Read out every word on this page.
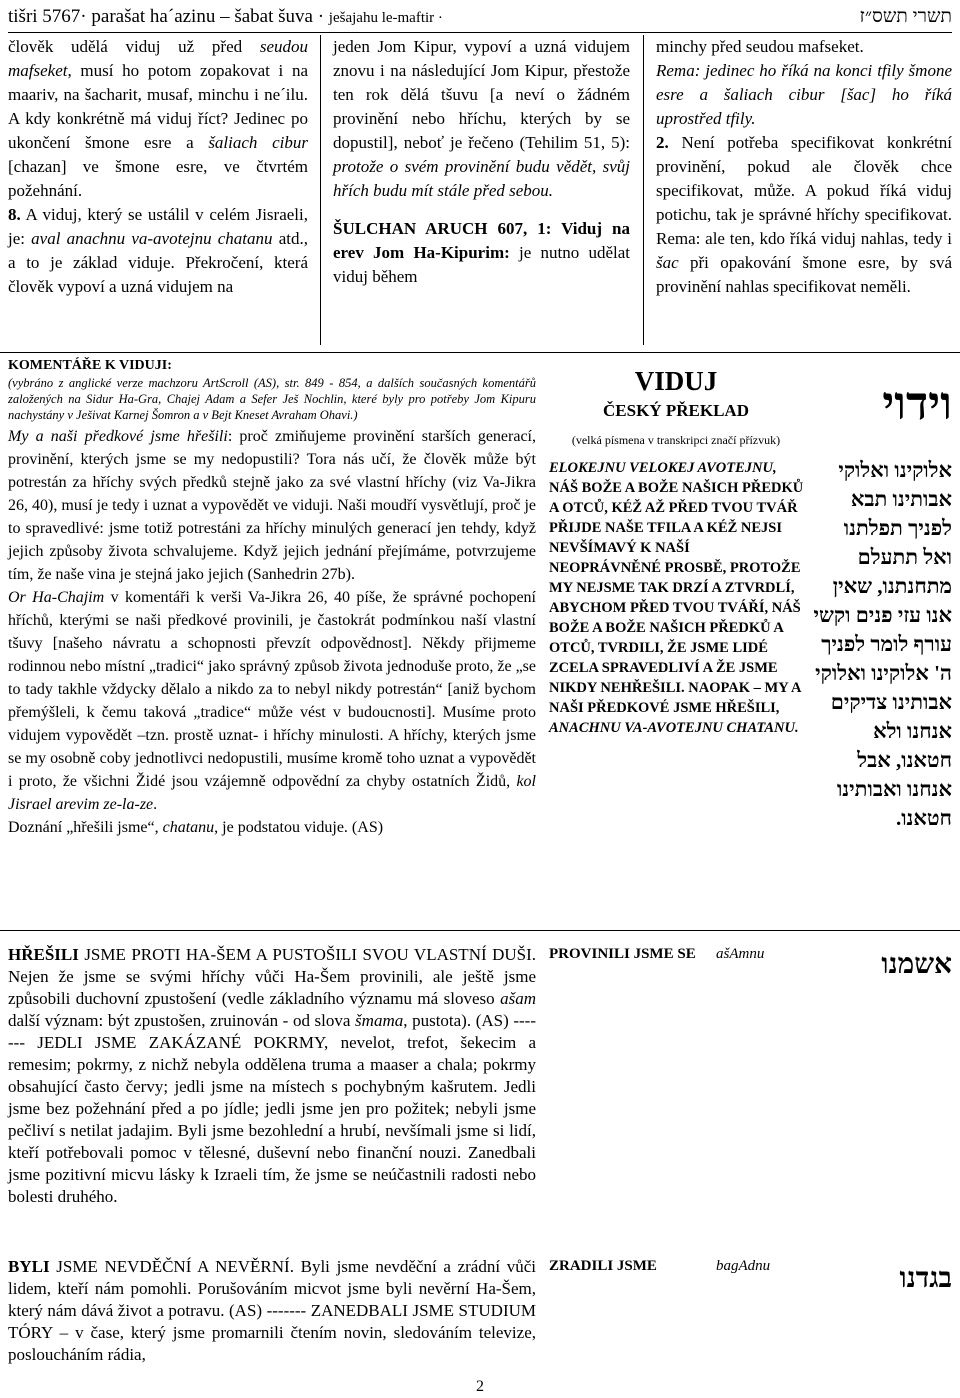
tišri 5767· parašat ha´azinu – šabat šuva · ješajahu le-maftir ·	תשרי תשס״ז

člověk udělá viduj už před seudou mafseket, musí ho potom zopakovat i na maariv, na šacharit, musaf, minchu i ne´ilu. A kdy konkrétně má viduj říct? Jedinec po ukončení šmone esre a šaliach cibur [chazan] ve šmone esre, ve čtvrtém požehnání.
8. A viduj, který se ustálil v celém Jisraeli, je: aval anachnu va-avotejnu chatanu atd., a to je základ viduje. Překročení, která člověk vypoví a uzná vidujem na

jeden Jom Kipur, vypoví a uzná vidujem znovu i na následující Jom Kipur, přestože ten rok dělá tšuvu [a neví o žádném provinění nebo hříchu, kterých by se dopustil], neboť je řečeno (Tehilim 51, 5): protože o svém provinění budu vědět, svůj hřích budu mít stále před sebou.

ŠULCHAN ARUCH 607, 1: Viduj na erev Jom Ha-Kipurim: je nutno udělat viduj během

minchy před seudou mafseket.
Rema: jedinec ho říká na konci tfily šmone esre a šaliach cibur [šac] ho říká uprostřed tfily.
2. Není potřeba specifikovat konkrétní provinění, pokud ale člověk chce specifikovat, může. A pokud říká viduj potichu, tak je správné hříchy specifikovat. Rema: ale ten, kdo říká viduj nahlas, tedy i šac při opakování šmone esre, by svá provinění nahlas specifikovat neměli.

KOMENTÁŘE K VIDUJI:

(vybráno z anglické verze machzoru ArtScroll (AS), str. 849 - 854, a dalších současných komentářů založených na Sidur Ha-Gra, Chajej Adam a Sefer Ješ Nochlin, které byly pro potřeby Jom Kipuru nachystány v Ješivat Karnej Šomron a v Bejt Kneset Avraham Ohavi.)

My a naši předkové jsme hřešili: proč zmiňujeme provinění starších generací, provinění, kterých jsme se my nedopustili? Tora nás učí, že člověk může být potrestán za hříchy svých předků stejně jako za své vlastní hříchy (viz Va-Jikra 26, 40), musí je tedy i uznat a vypovědět ve viduji. Naši moudří vysvětlují, proč je to spravedlivé: jsme totiž potrestáni za hříchy minulých generací jen tehdy, když jejich způsoby života schvalujeme. Když jejich jednání přejímáme, potvrzujeme tím, že naše vina je stejná jako jejich (Sanhedrin 27b).

Or Ha-Chajim v komentáři k verši Va-Jikra 26, 40 píše, že správné pochopení hříchů, kterými se naši předkové provinili, je častokrát podmínkou naší vlastní tšuvy [našeho návratu a schopnosti převzít odpovědnost]. Někdy přijmeme rodinnou nebo místní „tradici“ jako správný způsob života jednoduše proto, že „se to tady takhle vždycky dělalo a nikdo za to nebyl nikdy potrestán“ [aniž bychom přemýšleli, k čemu taková „tradice“ může vést v budoucnosti]. Musíme proto vidujem vypovědět –tzn. prostě uznat- i hříchy minulosti. A hříchy, kterých jsme se my osobně coby jednotlivci nedopustili, musíme kromě toho uznat a vypovědět i proto, že všichni Židé jsou vzájemně odpovědní za chyby ostatních Židů, kol Jisrael arevim ze-la-ze.

Doznání „hřešili jsme“, chatanu, je podstatou viduje. (AS)

VIDUJ
ČESKÝ PŘEKLAD
(velká písmena v transkripci značí přízvuk)
וידוי
ELOKEJNU VELOKEJ AVOTEJNU, NÁŠ BOŽE A BOŽE NAŠICH PŘEDKŮ A OTCŮ, KÉŽ AŽ PŘED TVOU TVÁŘ PŘIJDE NAŠE TFILA A KÉŽ NEJSI NEVŠÍMAVÝ K NAŠÍ NEOPRÁVNĚNÉ PROSBĚ, PROTOŽE MY NEJSME TAK DRZÍ A ZTVRDLÍ, ABYCHOM PŘED TVOU TVÁŘÍ, NÁŠ BOŽE A BOŽE NAŠICH PŘEDKŮ A OTCŮ, TVRDILI, ŽE JSME LIDÉ ZCELA SPRAVEDLIVÍ A ŽE JSME NIKDY NEHŘEŠILI. NAOPAK – MY A NAŠI PŘEDKOVÉ JSME HŘEŠILI, ANACHNU VA-AVOTEJNU CHATANU.
אלוקינו ואלוקי אבותינו תבא לפניך תפלתנו ואל תתעלם מתחנתנו, שאין אנו עזי פנים וקשי עורף לומר לפניך ה' אלוקינו ואלוקי אבותינו צדיקים אנחנו ולא חטאנו, אבל אנחנו ואבותינו חטאנו.

HŘEŠILI JSME PROTI HA-ŠEM A PUSTOŠILI SVOU VLASTNÍ DUŠI. Nejen že jsme se svými hříchy vůči Ha-Šem provinili, ale ještě jsme způsobili duchovní zpustošení (vedle základního významu má slovesо ašam další význam: být zpustošen, zruinován - od slova šmama, pustota). (AS) ------- JEDLI JSME ZAKÁZANÉ POKRMY, nevelot, trefot, šekecim a remesim; pokrmy, z nichž nebyla oddělena truma a maaser a chala; pokrmy obsahující často červy; jedli jsme na místech s pochybným kašrutem. Jedli jsme bez požehnání před a po jídle; jedli jsme jen pro požitek; nebyli jsme pečliví s netilat jadajim. Byli jsme bezohlední a hrubí, nevšímali jsme si lidí, kteří potřebovali pomoc v tělesné, duševní nebo finanční nouzi. Zanedbali jsme pozitivní micvu lásky k Izraeli tím, že jsme se neúčastnili radosti nebo bolesti druhého.

PROVINILI JSME SE	ašAmnu	אשמנו

BYLI JSME NEVDĚČNÍ A NEVĚRNÍ. Byli jsme nevděční a zrádní vůči lidem, kteří nám pomohli. Porušováním micvot jsme byli nevěrní Ha-Šem, který nám dává život a potravu. (AS) ------- ZANEDBALI JSME STUDIUM TÓRY – v čase, který jsme promarnili čtením novin, sledováním televize, posloucháním rádia,

ZRADILI JSME	bagAdnu	בגדנו
2
